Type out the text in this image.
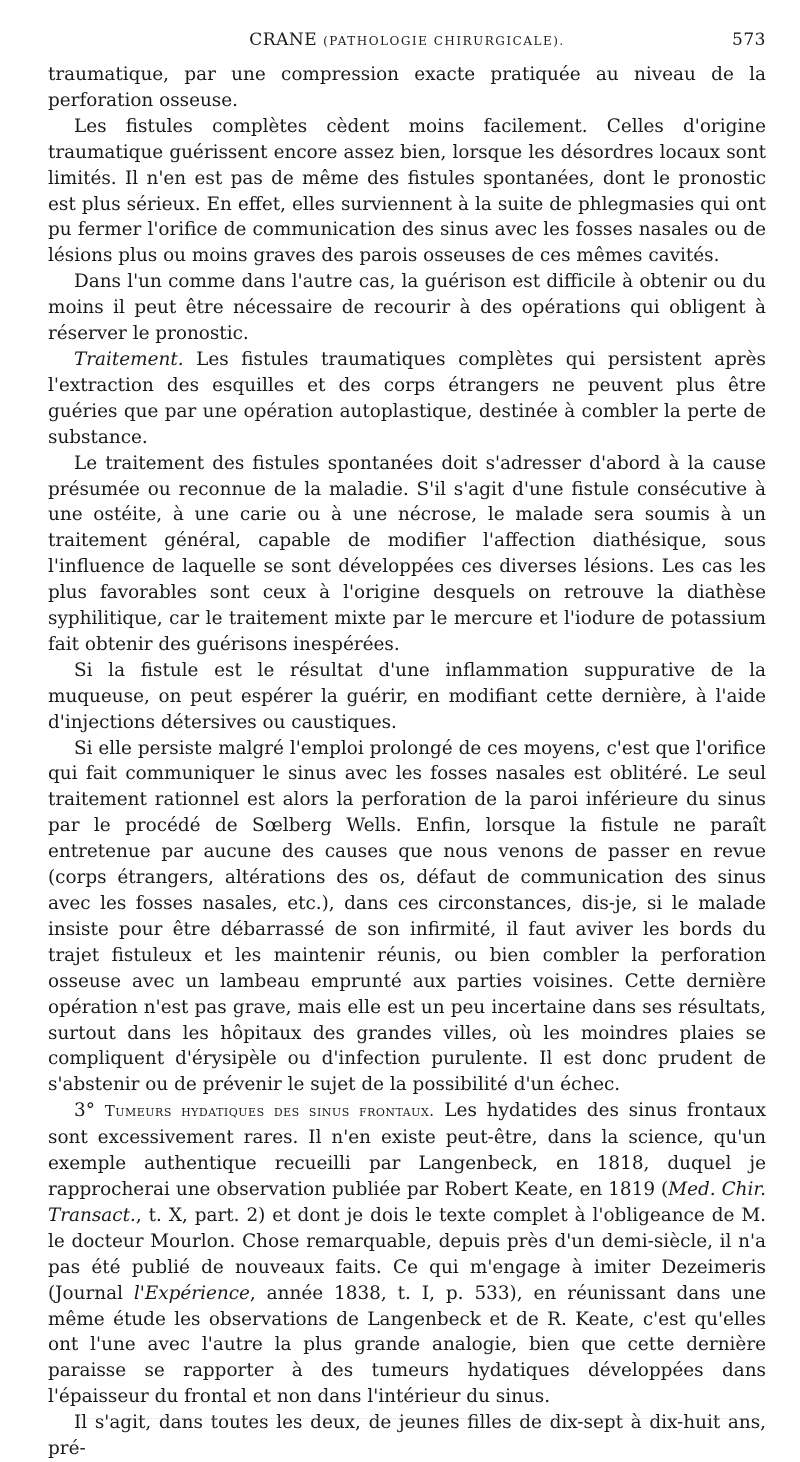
CRANE (PATHOLOGIE CHIRURGICALE).	573

traumatique, par une compression exacte pratiquée au niveau de la perforation osseuse.

Les fistules complètes cèdent moins facilement. Celles d'origine traumatique guérissent encore assez bien, lorsque les désordres locaux sont limités. Il n'en est pas de même des fistules spontanées, dont le pronostic est plus sérieux. En effet, elles surviennent à la suite de phlegmasies qui ont pu fermer l'orifice de communication des sinus avec les fosses nasales ou de lésions plus ou moins graves des parois osseuses de ces mêmes cavités.

Dans l'un comme dans l'autre cas, la guérison est difficile à obtenir ou du moins il peut être nécessaire de recourir à des opérations qui obligent à réserver le pronostic.

Traitement. Les fistules traumatiques complètes qui persistent après l'extraction des esquilles et des corps étrangers ne peuvent plus être guéries que par une opération autoplastique, destinée à combler la perte de substance.

Le traitement des fistules spontanées doit s'adresser d'abord à la cause présumée ou reconnue de la maladie. S'il s'agit d'une fistule consécutive à une ostéite, à une carie ou à une nécrose, le malade sera soumis à un traitement général, capable de modifier l'affection diathésique, sous l'influence de laquelle se sont développées ces diverses lésions. Les cas les plus favorables sont ceux à l'origine desquels on retrouve la diathèse syphilitique, car le traitement mixte par le mercure et l'iodure de potassium fait obtenir des guérisons inespérées.

Si la fistule est le résultat d'une inflammation suppurative de la muqueuse, on peut espérer la guérir, en modifiant cette dernière, à l'aide d'injections détersives ou caustiques.

Si elle persiste malgré l'emploi prolongé de ces moyens, c'est que l'orifice qui fait communiquer le sinus avec les fosses nasales est oblitéré. Le seul traitement rationnel est alors la perforation de la paroi inférieure du sinus par le procédé de Sœlberg Wells. Enfin, lorsque la fistule ne paraît entretenue par aucune des causes que nous venons de passer en revue (corps étrangers, altérations des os, défaut de communication des sinus avec les fosses nasales, etc.), dans ces circonstances, dis-je, si le malade insiste pour être débarrassé de son infirmité, il faut aviver les bords du trajet fistuleux et les maintenir réunis, ou bien combler la perforation osseuse avec un lambeau emprunté aux parties voisines. Cette dernière opération n'est pas grave, mais elle est un peu incertaine dans ses résultats, surtout dans les hôpitaux des grandes villes, où les moindres plaies se compliquent d'érysipèle ou d'infection purulente. Il est donc prudent de s'abstenir ou de prévenir le sujet de la possibilité d'un échec.

3° Tumeurs hydatiques des sinus frontaux. Les hydatides des sinus frontaux sont excessivement rares. Il n'en existe peut-être, dans la science, qu'un exemple authentique recueilli par Langenbeck, en 1818, duquel je rapprocherai une observation publiée par Robert Keate, en 1819 (Med. Chir. Transact., t. X, part. 2) et dont je dois le texte complet à l'obligeance de M. le docteur Mourlon. Chose remarquable, depuis près d'un demi-siècle, il n'a pas été publié de nouveaux faits. Ce qui m'engage à imiter Dezeimeris (Journal l'Expérience, année 1838, t. I, p. 533), en réunissant dans une même étude les observations de Langenbeck et de R. Keate, c'est qu'elles ont l'une avec l'autre la plus grande analogie, bien que cette dernière paraisse se rapporter à des tumeurs hydatiques développées dans l'épaisseur du frontal et non dans l'intérieur du sinus.

Il s'agit, dans toutes les deux, de jeunes filles de dix-sept à dix-huit ans, pré-
